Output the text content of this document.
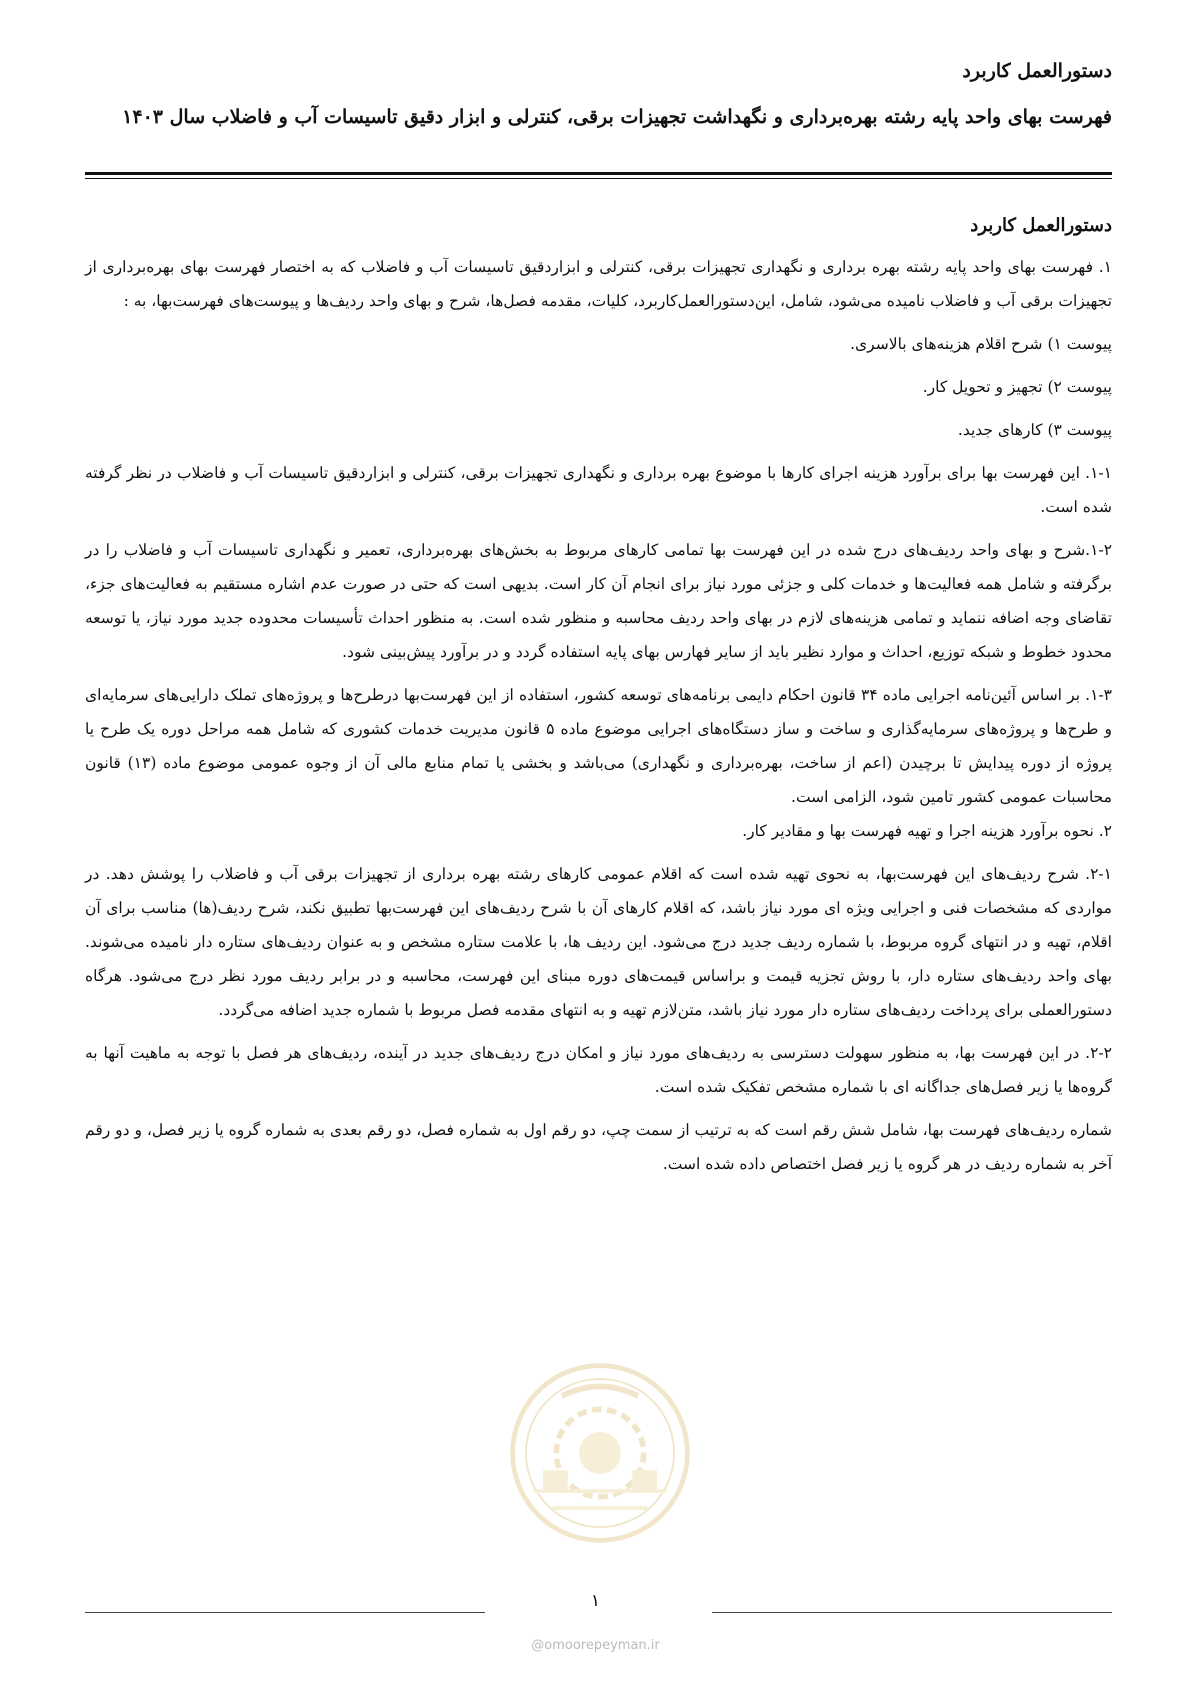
دستورالعمل کاربرد
فهرست بهای واحد پایه رشته بهره‌برداری و نگهداشت تجهیزات برقی، کنترلی و ابزار دقیق تاسیسات آب و فاضلاب سال ۱۴۰۳

دستورالعمل کاربرد

۱. فهرست بهای واحد پایه رشته بهره برداری و نگهداری تجهیزات برقی، کنترلی و ابزاردقیق تاسیسات آب و فاضلاب که به اختصار فهرست بهای بهره‌برداری از تجهیزات برقی آب و فاضلاب نامیده می‌شود، شامل، این‌دستورالعمل‌کاربرد، کلیات، مقدمه فصل‌ها، شرح و بهای واحد ردیف‌ها و پیوست‌های فهرست‌بها، به :

پیوست ۱) شرح اقلام هزینه‌های بالاسری.

پیوست ۲) تجهیز و تحویل کار.

پیوست ۳) کارهای جدید.

۱-۱. این فهرست بها برای برآورد هزینه اجرای کارها با موضوع بهره برداری و نگهداری تجهیزات برقی، کنترلی و ابزاردقیق تاسیسات آب و فاضلاب در نظر گرفته شده است.

۱-۲.شرح و بهای واحد ردیف‌های درج شده در این فهرست بها تمامی کارهای مربوط به بخش‌های بهره‌برداری، تعمیر و نگهداری تاسیسات آب و فاضلاب را در برگرفته و شامل همه فعالیت‌ها و خدمات کلی و جزئی مورد نیاز برای انجام آن کار است. بدیهی است که حتی در صورت عدم اشاره مستقیم به فعالیت‌های جزء، تقاضای وجه اضافه ننماید و تمامی هزینه‌های لازم در بهای واحد ردیف محاسبه و منظور شده است. به منظور احداث تأسیسات محدوده جدید مورد نیاز، یا توسعه محدود خطوط و شبکه توزیع، احداث و موارد نظیر باید از سایر فهارس بهای پایه استفاده گردد و در برآورد پیش‌بینی شود.

۱-۳. بر اساس آئین‌نامه اجرایی ماده ۳۴ قانون احکام دایمی برنامه‌های توسعه کشور، استفاده از این فهرست‌بها درطرح‌ها و پروژه‌های تملک دارایی‌های سرمایه‌ای و طرح‌ها و پروژه‌های سرمایه‌گذاری و ساخت و ساز دستگاه‌های اجرایی موضوع ماده ۵ قانون مدیریت خدمات کشوری که شامل همه مراحل دوره یک طرح یا پروژه از دوره پیدایش تا برچیدن (اعم از ساخت، بهره‌برداری و نگهداری) می‌باشد و بخشی یا تمام منابع مالی آن از وجوه عمومی موضوع ماده (۱۳) قانون محاسبات عمومی کشور تامین شود، الزامی است.

۲. نحوه برآورد هزینه اجرا و تهیه فهرست بها و مقادیر کار.

۲-۱. شرح ردیف‌های این فهرست‌بها، به نحوی تهیه شده است که اقلام عمومی کارهای رشته بهره برداری از تجهیزات برقی آب و فاضلاب را پوشش دهد. در مواردی که مشخصات فنی و اجرایی ویژه ای مورد نیاز باشد، که اقلام کارهای آن با شرح ردیف‌های این فهرست‌بها تطبیق نکند، شرح ردیف(ها) مناسب برای آن اقلام، تهیه و در انتهای گروه مربوط، با شماره ردیف جدید درج می‌شود. این ردیف ها، با علامت ستاره مشخص و به عنوان ردیف‌های ستاره دار نامیده می‌شوند. بهای واحد ردیف‌های ستاره دار، با روش تجزیه قیمت و براساس قیمت‌های دوره مبنای این فهرست، محاسبه و در برابر ردیف مورد نظر درج می‌شود. هرگاه دستورالعملی برای پرداخت ردیف‌های ستاره دار مورد نیاز باشد، متن‌لازم تهیه و به انتهای مقدمه فصل مربوط با شماره جدید اضافه می‌گردد.

۲-۲. در این فهرست بها، به منظور سهولت دسترسی به ردیف‌های مورد نیاز و امکان درج ردیف‌های جدید در آینده، ردیف‌های هر فصل با توجه به ماهیت آنها به گروه‌ها یا زیر فصل‌های جداگانه ای با شماره مشخص تفکیک شده است.

شماره ردیف‌های فهرست بها، شامل شش رقم است که به ترتیب از سمت چپ، دو رقم اول به شماره فصل، دو رقم بعدی به شماره گروه یا زیر فصل، و دو رقم آخر به شماره ردیف در هر گروه یا زیر فصل اختصاص داده شده است.

۱
@omoorepeyman.ir
